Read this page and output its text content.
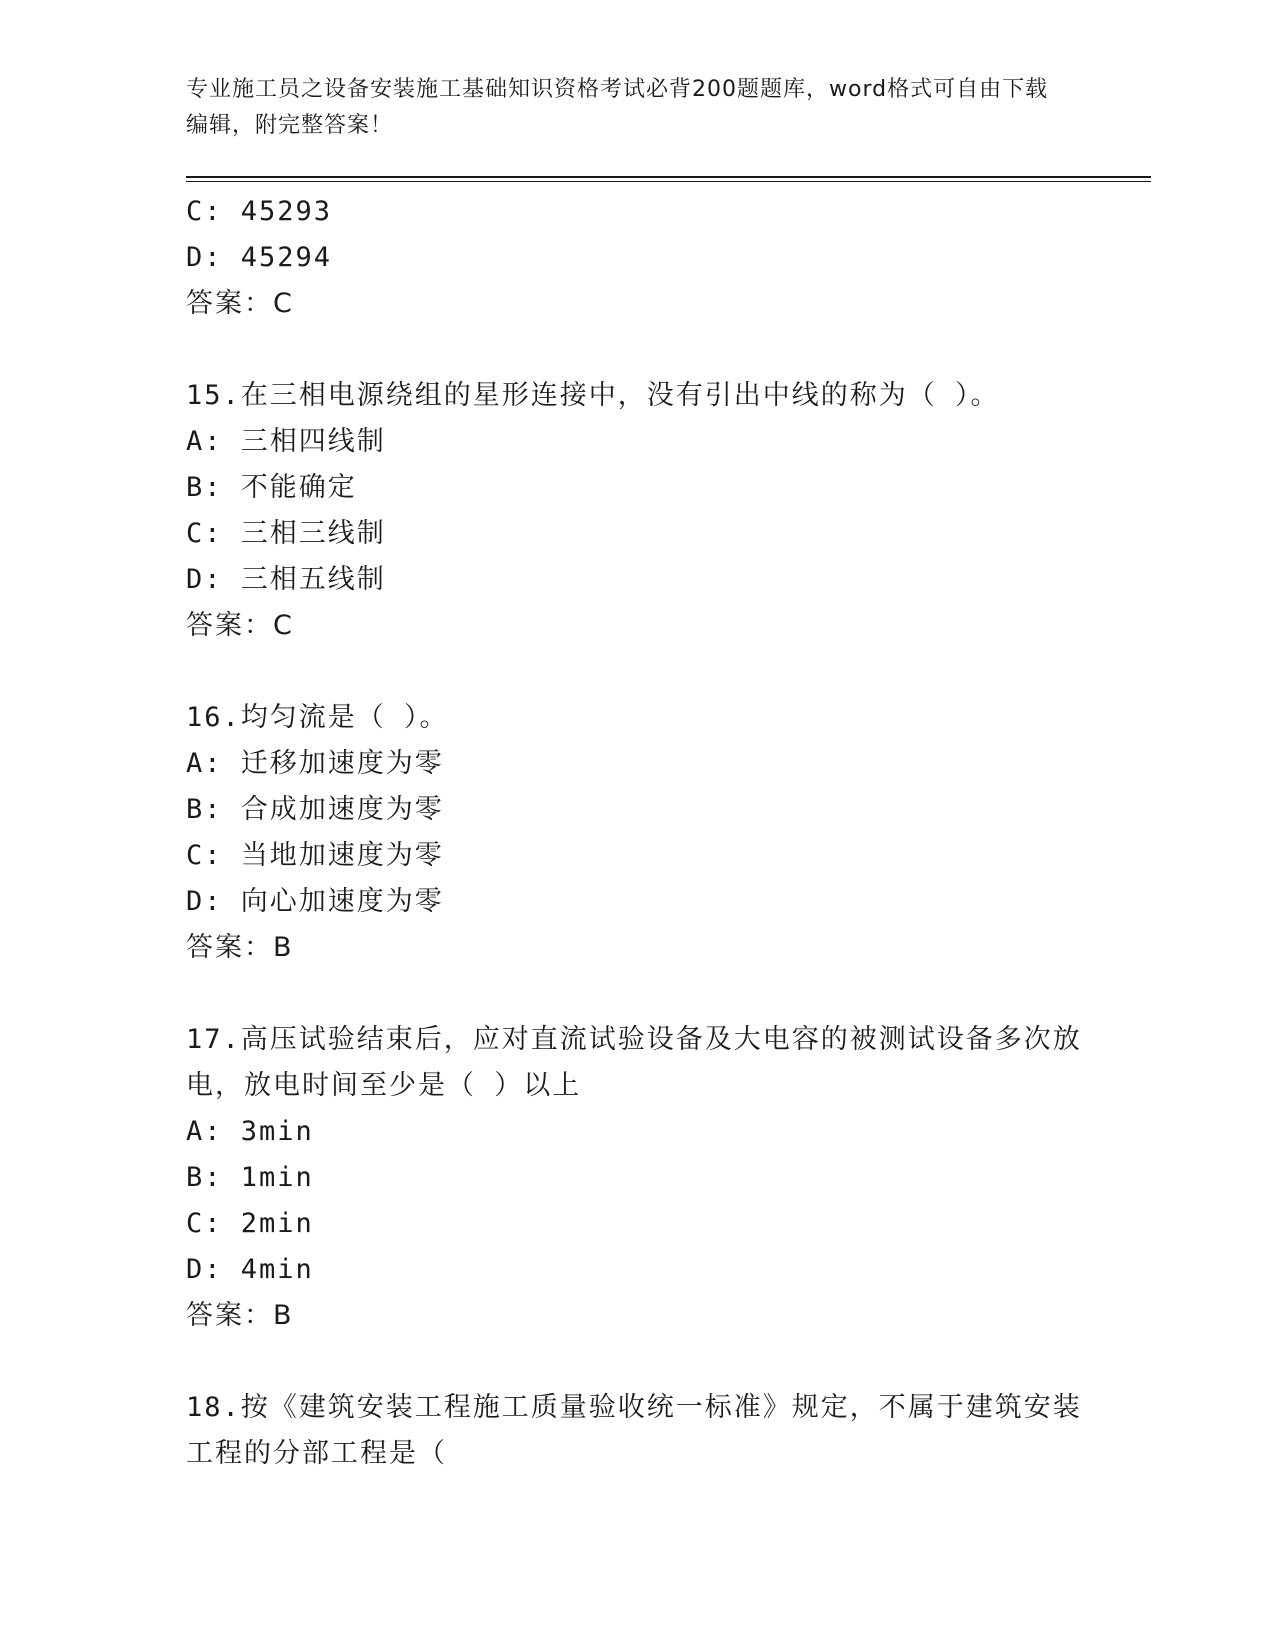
专业施工员之设备安装施工基础知识资格考试必背200题题库，word格式可自由下载编辑，附完整答案！
C: 45293
D: 45294
答案：C
15.在三相电源绕组的星形连接中，没有引出中线的称为（ ）。
A: 三相四线制
B: 不能确定
C: 三相三线制
D: 三相五线制
答案：C
16.均匀流是（ ）。
A: 迁移加速度为零
B: 合成加速度为零
C: 当地加速度为零
D: 向心加速度为零
答案：B
17.高压试验结束后，应对直流试验设备及大电容的被测试设备多次放电，放电时间至少是（ ）以上
A: 3min
B: 1min
C: 2min
D: 4min
答案：B
18.按《建筑安装工程施工质量验收统一标准》规定，不属于建筑安装工程的分部工程是（
